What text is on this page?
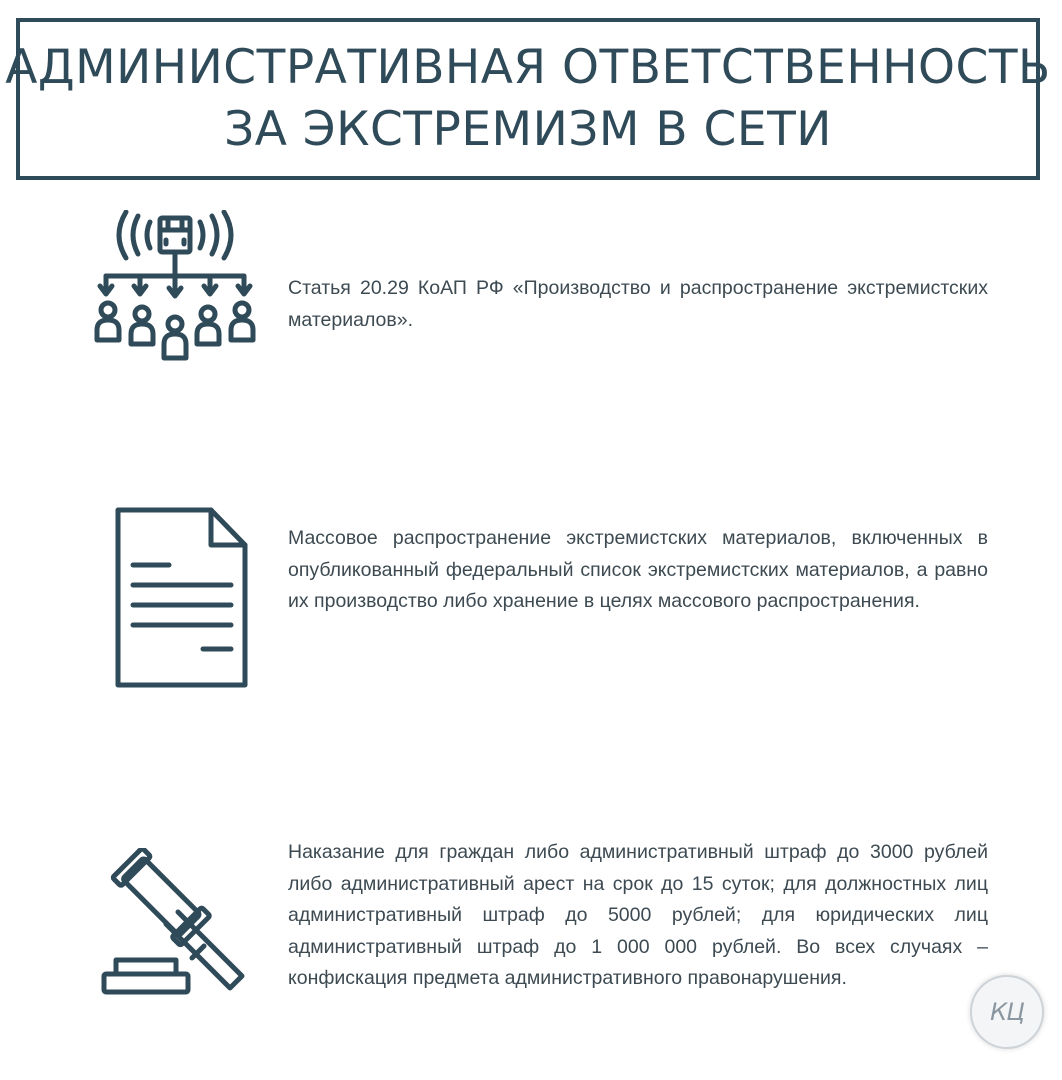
АДМИНИСТРАТИВНАЯ ОТВЕТСТВЕННОСТЬ
ЗА ЭКСТРЕМИЗМ В СЕТИ
Статья 20.29 КоАП РФ «Производство и распространение экстремистских материалов».
Массовое распространение экстремистских материалов, включенных в опубликованный федеральный список экстремистских материалов, а равно их производство либо хранение в целях массового распространения.
Наказание для граждан либо административный штраф до 3000 рублей либо административный арест на срок до 15 суток; для должностных лиц административный штраф до 5000 рублей; для юридических лиц административный штраф до 1 000 000 рублей. Во всех случаях – конфискация предмета административного правонарушения.
КЦ
